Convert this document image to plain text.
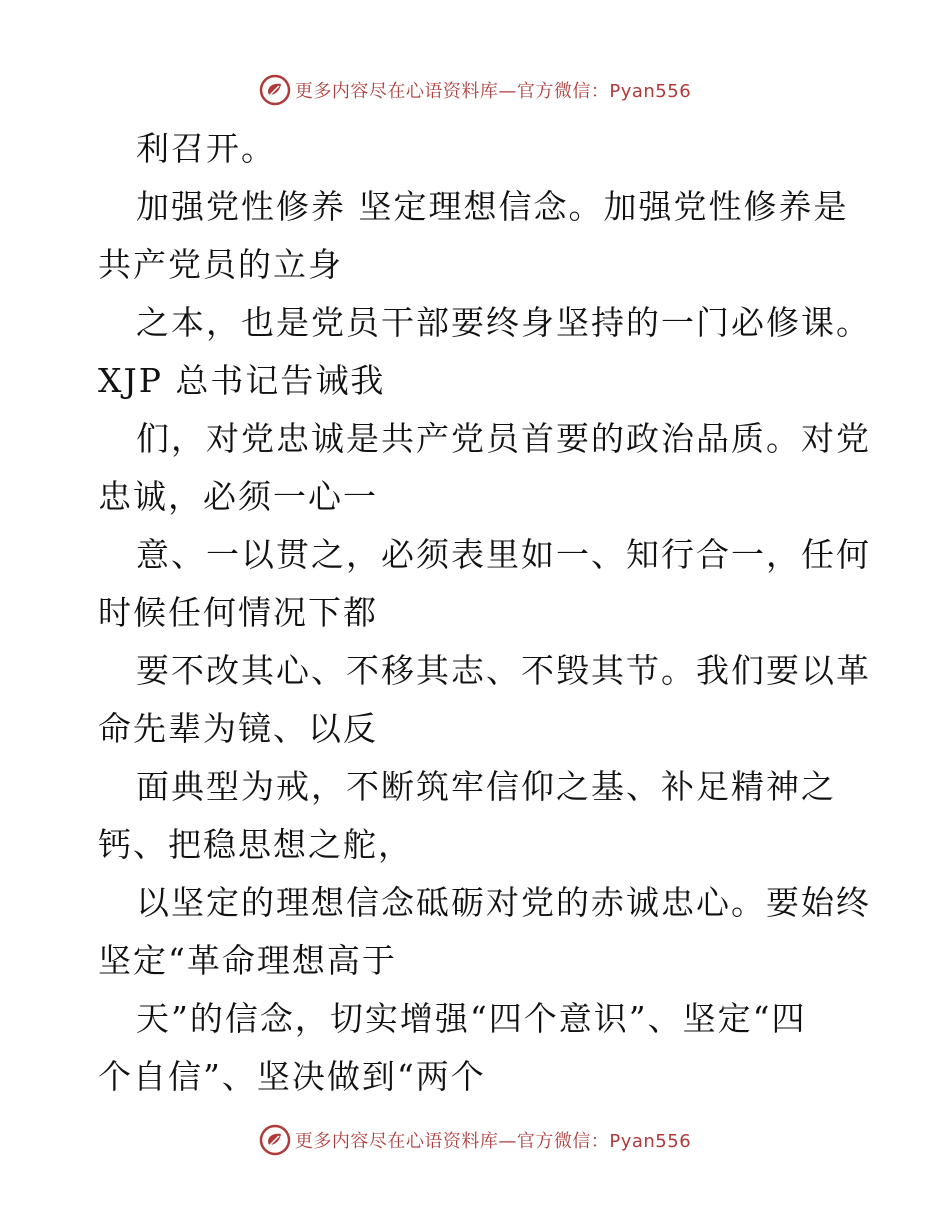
更多内容尽在心语资料库—官方微信：Pyan556
利召开。
加强党性修养 坚定理想信念。加强党性修养是
共产党员的立身
之本，也是党员干部要终身坚持的一门必修课。
XJP 总书记告诫我
们，对党忠诚是共产党员首要的政治品质。对党
忠诚，必须一心一
意、一以贯之，必须表里如一、知行合一，任何
时候任何情况下都
要不改其心、不移其志、不毁其节。我们要以革
命先辈为镜、以反
面典型为戒，不断筑牢信仰之基、补足精神之
钙、把稳思想之舵，
以坚定的理想信念砥砺对党的赤诚忠心。要始终
坚定“革命理想高于
天”的信念，切实增强“四个意识”、坚定“四
个自信”、坚决做到“两个
更多内容尽在心语资料库—官方微信：Pyan556
